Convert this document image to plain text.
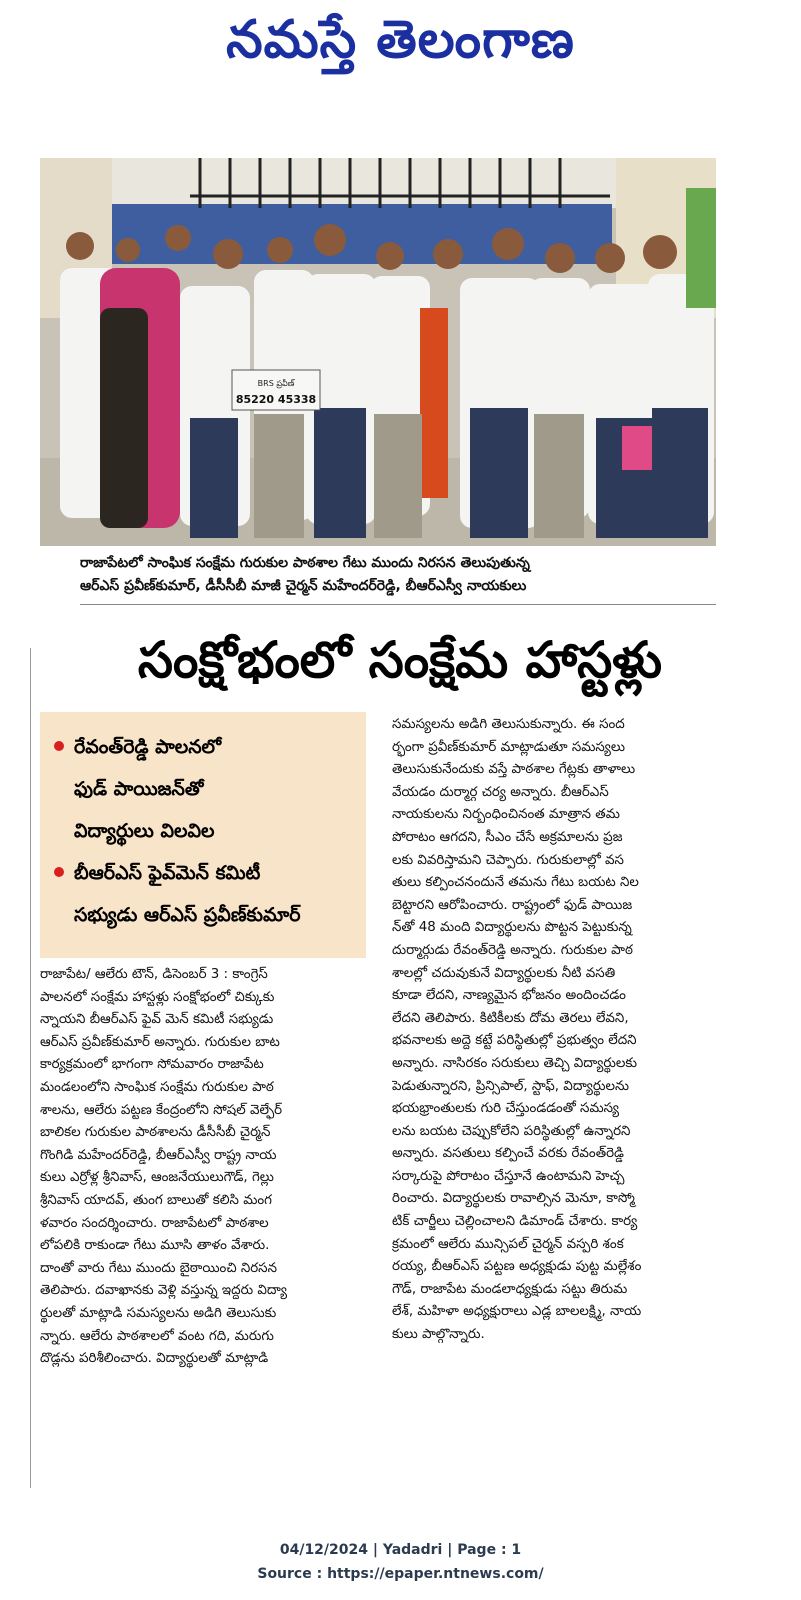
నమస్తే తెలంగాణ
BRS ప్రవీణ్
85220 45338
రాజాపేటలో సాంఘిక సంక్షేమ గురుకుల పాఠశాల గేటు ముందు నిరసన తెలుపుతున్న
ఆర్ఎస్ ప్రవీణ్‌కుమార్, డీసీసీబీ మాజీ చైర్మన్ మహేందర్‌రెడ్డి, బీఆర్ఎస్వీ నాయకులు
సంక్షోభంలో సంక్షేమ హాస్టళ్లు
రేవంత్‌రెడ్డి పాలనలో
ఫుడ్ పాయిజన్‌తో
విద్యార్థులు విలవిల
బీఆర్ఎస్ ఫైవ్‌మెన్ కమిటీ
సభ్యుడు ఆర్ఎస్ ప్రవీణ్‌కుమార్
రాజాపేట/ ఆలేరు టౌన్, డిసెంబర్ 3 : కాంగ్రెస్
పాలనలో సంక్షేమ హాస్టళ్లు సంక్షోభంలో చిక్కుకు
న్నాయని బీఆర్ఎస్ ఫైవ్ మెన్ కమిటీ సభ్యుడు
ఆర్ఎస్ ప్రవీణ్‌కుమార్ అన్నారు. గురుకుల బాట
కార్యక్రమంలో భాగంగా సోమవారం రాజాపేట
మండలంలోని సాంఘిక సంక్షేమ గురుకుల పాఠ
శాలను, ఆలేరు పట్టణ కేంద్రంలోని సోషల్ వెల్ఫేర్
బాలికల గురుకుల పాఠశాలను డీసీసీబీ చైర్మన్
గొంగిడి మహేందర్‌రెడ్డి, బీఆర్ఎస్వీ రాష్ట్ర నాయ
కులు ఎర్రోళ్ల శ్రీనివాస్, ఆంజనేయులుగౌడ్, గెల్లు
శ్రీనివాస్ యాదవ్, తుంగ బాలుతో కలిసి మంగ
ళవారం సందర్శించారు. రాజాపేటలో పాఠశాల
లోపలికి రాకుండా గేటు మూసి తాళం వేశారు.
దాంతో వారు గేటు ముందు బైఠాయించి నిరసన
తెలిపారు. దవాఖానకు వెళ్లి వస్తున్న ఇద్దరు విద్యా
ర్థులతో మాట్లాడి సమస్యలను అడిగి తెలుసుకు
న్నారు. ఆలేరు పాఠశాలలో వంట గది, మరుగు
దొడ్లను పరిశీలించారు. విద్యార్థులతో మాట్లాడి
సమస్యలను అడిగి తెలుసుకున్నారు. ఈ సంద
ర్భంగా ప్రవీణ్‌కుమార్ మాట్లాడుతూ సమస్యలు
తెలుసుకునేందుకు వస్తే పాఠశాల గేట్లకు తాళాలు
వేయడం దుర్మార్గ చర్య అన్నారు. బీఆర్ఎస్
నాయకులను నిర్బంధించినంత మాత్రాన తమ
పోరాటం ఆగదని, సీఎం చేసే అక్రమాలను ప్రజ
లకు వివరిస్తామని చెప్పారు. గురుకులాల్లో వస
తులు కల్పించనందునే తమను గేటు బయట నిల
బెట్టారని ఆరోపించారు. రాష్ట్రంలో ఫుడ్ పాయిజ
న్‌తో 48 మంది విద్యార్థులను పొట్టన పెట్టుకున్న
దుర్మార్గుడు రేవంత్‌రెడ్డి అన్నారు. గురుకుల పాఠ
శాలల్లో చదువుకునే విద్యార్థులకు నీటి వసతి
కూడా లేదని, నాణ్యమైన భోజనం అందించడం
లేదని తెలిపారు. కిటికీలకు దోమ తెరలు లేవని,
భవనాలకు అద్దె కట్టే పరిస్థితుల్లో ప్రభుత్వం లేదని
అన్నారు. నాసిరకం సరుకులు తెచ్చి విద్యార్థులకు
పెడుతున్నారని, ప్రిన్సిపాల్, స్టాఫ్, విద్యార్థులను
భయభ్రాంతులకు గురి చేస్తుండడంతో సమస్య
లను బయట చెప్పుకోలేని పరిస్థితుల్లో ఉన్నారని
అన్నారు. వసతులు కల్పించే వరకు రేవంత్‌రెడ్డి
సర్కారుపై పోరాటం చేస్తూనే ఉంటామని హెచ్చ
రించారు. విద్యార్థులకు రావాల్సిన మెనూ, కాస్మో
టిక్ చార్జీలు చెల్లించాలని డిమాండ్ చేశారు. కార్య
క్రమంలో ఆలేరు మున్సిపల్ చైర్మన్ వస్పరి శంక
రయ్య, బీఆర్ఎస్ పట్టణ అధ్యక్షుడు పుట్ట మల్లేశం
గౌడ్, రాజాపేట మండలాధ్యక్షుడు సట్టు తిరుమ
లేశ్, మహిళా అధ్యక్షురాలు ఎడ్ల బాలలక్ష్మి, నాయ
కులు పాల్గొన్నారు.
04/12/2024 | Yadadri | Page : 1
Source : https://epaper.ntnews.com/
